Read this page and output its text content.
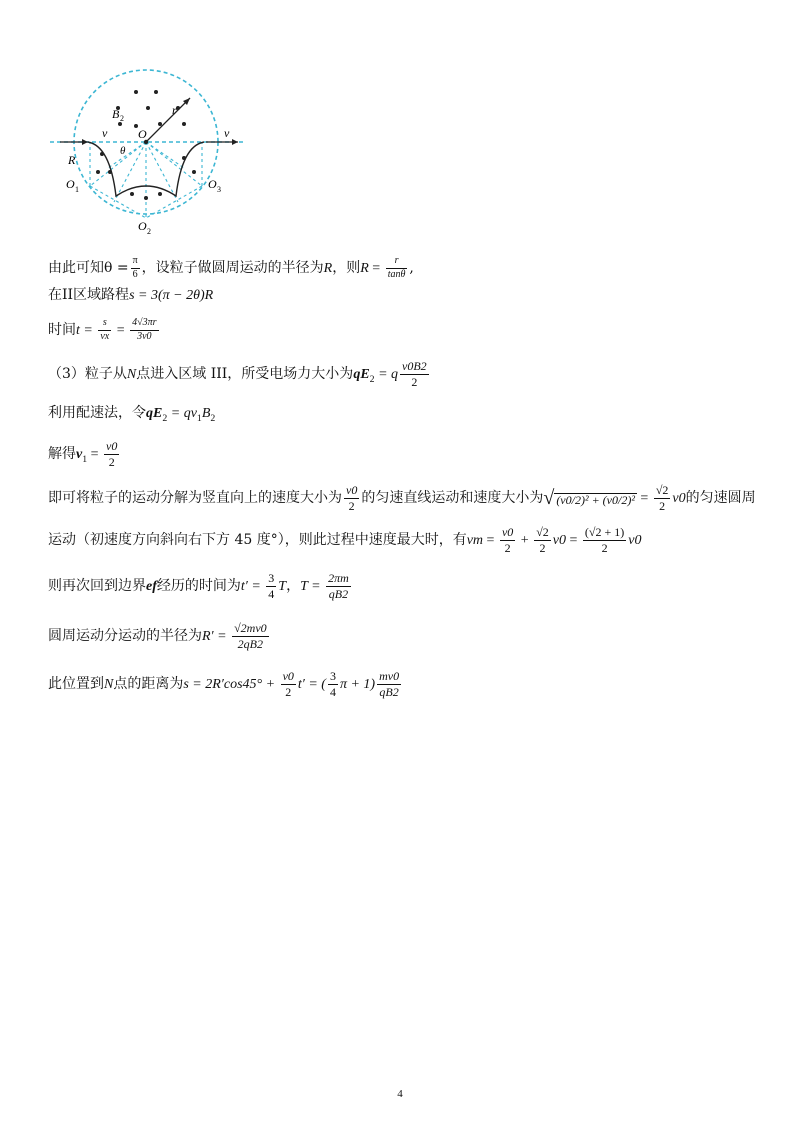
v	v
B 2
O
r
θ
R
O 1
O 2
O 3
由此可知$\theta = \frac{\pi}{6}$ ，设粒子做圆周运动的半径为R，则$R = \frac{r}{\tan\theta}$ ,
在II区域路程s = 3(π − 2θ)R
时间$t = \frac{s}{vx} = \frac{4√3\pi r}{3v0}$
（3）粒子从N点进入区域 III，所受电场力大小为$qE_2 = q \frac{v0B2}{2}$
利用配速法，令$qE_2 = qv_1B_2$
解得$v_1 = \frac{v0}{2}$
即可将粒子的运动分解为竖直向上的速度大小为 $\frac{v0}{2}$ 的匀速直线运动和速度大小为√ $(v0/2)^2 + (v0/2)^2 = \frac{√2}{2} v0$的匀速圆周
运动（初速度方向斜向右下方 45 度°），则此过程中速度最大时，有vm = $\frac{v0}{2} + \frac{√2}{2} v0 = \frac{(√2 + 1)}{2} v0$
则再次回到边界ef经历的时间为$t' = \frac{3}{4}$ T，$T = \frac{2\pi m}{qB2}$
圆周运动分运动的半径为$R' = \frac{√2mv0}{2qB2}$
此位置到N点的距离为$s = 2R'\cos 45^\circ + \frac{v0}{2} t'$ = ( $\frac{3}{4}$ $\pi + 1) \frac{mv0}{qB2}$
4
